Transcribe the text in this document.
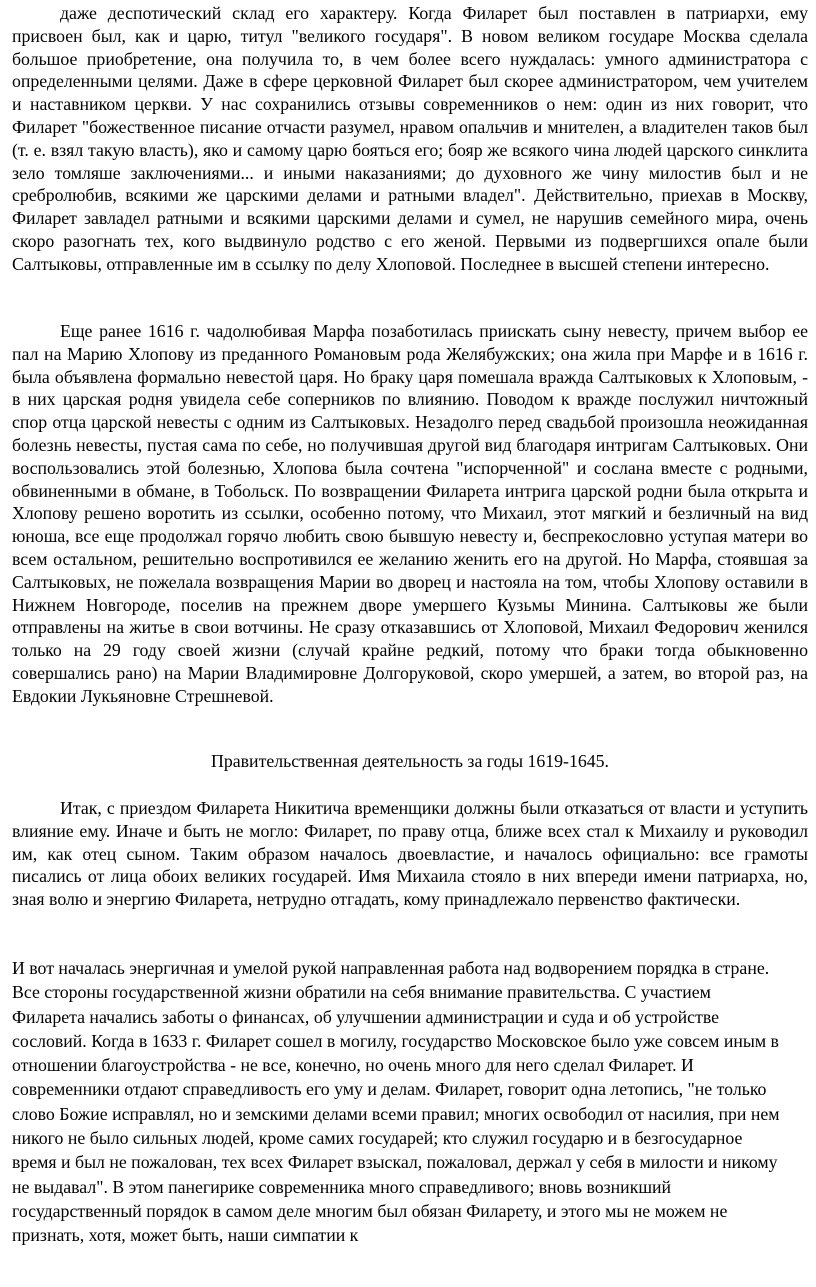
даже деспотический склад его характеру. Когда Филарет был поставлен в патриархи, ему присвоен был, как и царю, титул "великого государя". В новом великом государе Москва сделала большое приобретение, она получила то, в чем более всего нуждалась: умного администратора с определенными целями. Даже в сфере церковной Филарет был скорее администратором, чем учителем и наставником церкви. У нас сохранились отзывы современников о нем: один из них говорит, что Филарет "божественное писание отчасти разумел, нравом опальчив и мнителен, а владителен таков был (т. е. взял такую власть), яко и самому царю бояться его; бояр же всякого чина людей царского синклита зело томляше заключениями... и иными наказаниями; до духовного же чину милостив был и не сребролюбив, всякими же царскими делами и ратными владел". Действительно, приехав в Москву, Филарет завладел ратными и всякими царскими делами и сумел, не нарушив семейного мира, очень скоро разогнать тех, кого выдвинуло родство с его женой. Первыми из подвергшихся опале были Салтыковы, отправленные им в ссылку по делу Хлоповой. Последнее в высшей степени интересно.

Еще ранее 1616 г. чадолюбивая Марфа позаботилась приискать сыну невесту, причем выбор ее пал на Марию Хлопову из преданного Романовым рода Желябужских; она жила при Марфе и в 1616 г. была объявлена формально невестой царя. Но браку царя помешала вражда Салтыковых к Хлоповым, - в них царская родня увидела себе соперников по влиянию. Поводом к вражде послужил ничтожный спор отца царской невесты с одним из Салтыковых. Незадолго перед свадьбой произошла неожиданная болезнь невесты, пустая сама по себе, но получившая другой вид благодаря интригам Салтыковых. Они воспользовались этой болезнью, Хлопова была сочтена "испорченной" и сослана вместе с родными, обвиненными в обмане, в Тобольск. По возвращении Филарета интрига царской родни была открыта и Хлопову решено воротить из ссылки, особенно потому, что Михаил, этот мягкий и безличный на вид юноша, все еще продолжал горячо любить свою бывшую невесту и, беспрекословно уступая матери во всем остальном, решительно воспротивился ее желанию женить его на другой. Но Марфа, стоявшая за Салтыковых, не пожелала возвращения Марии во дворец и настояла на том, чтобы Хлопову оставили в Нижнем Новгороде, поселив на прежнем дворе умершего Кузьмы Минина. Салтыковы же были отправлены на житье в свои вотчины. Не сразу отказавшись от Хлоповой, Михаил Федорович женился только на 29 году своей жизни (случай крайне редкий, потому что браки тогда обыкновенно совершались рано) на Марии Владимировне Долгоруковой, скоро умершей, а затем, во второй раз, на Евдокии Лукьяновне Стрешневой.

Правительственная деятельность за годы 1619-1645.

Итак, с приездом Филарета Никитича временщики должны были отказаться от власти и уступить влияние ему. Иначе и быть не могло: Филарет, по праву отца, ближе всех стал к Михаилу и руководил им, как отец сыном. Таким образом началось двоевластие, и началось официально: все грамоты писались от лица обоих великих государей. Имя Михаила стояло в них впереди имени патриарха, но, зная волю и энергию Филарета, нетрудно отгадать, кому принадлежало первенство фактически.

И вот началась энергичная и умелой рукой направленная работа над водворением порядка в стране. Все стороны государственной жизни обратили на себя внимание правительства. С участием Филарета начались заботы о финансах, об улучшении администрации и суда и об устройстве сословий. Когда в 1633 г. Филарет сошел в могилу, государство Московское было уже совсем иным в отношении благоустройства - не все, конечно, но очень много для него сделал Филарет. И современники отдают справедливость его уму и делам. Филарет, говорит одна летопись, "не только слово Божие исправлял, но и земскими делами всеми правил; многих освободил от насилия, при нем никого не было сильных людей, кроме самих государей; кто служил государю и в безгосударное время и был не пожалован, тех всех Филарет взыскал, пожаловал, держал у себя в милости и никому не выдавал". В этом панегирике современника много справедливого; вновь возникший государственный порядок в самом деле многим был обязан Филарету, и этого мы не можем не признать, хотя, может быть, наши симпатии к
